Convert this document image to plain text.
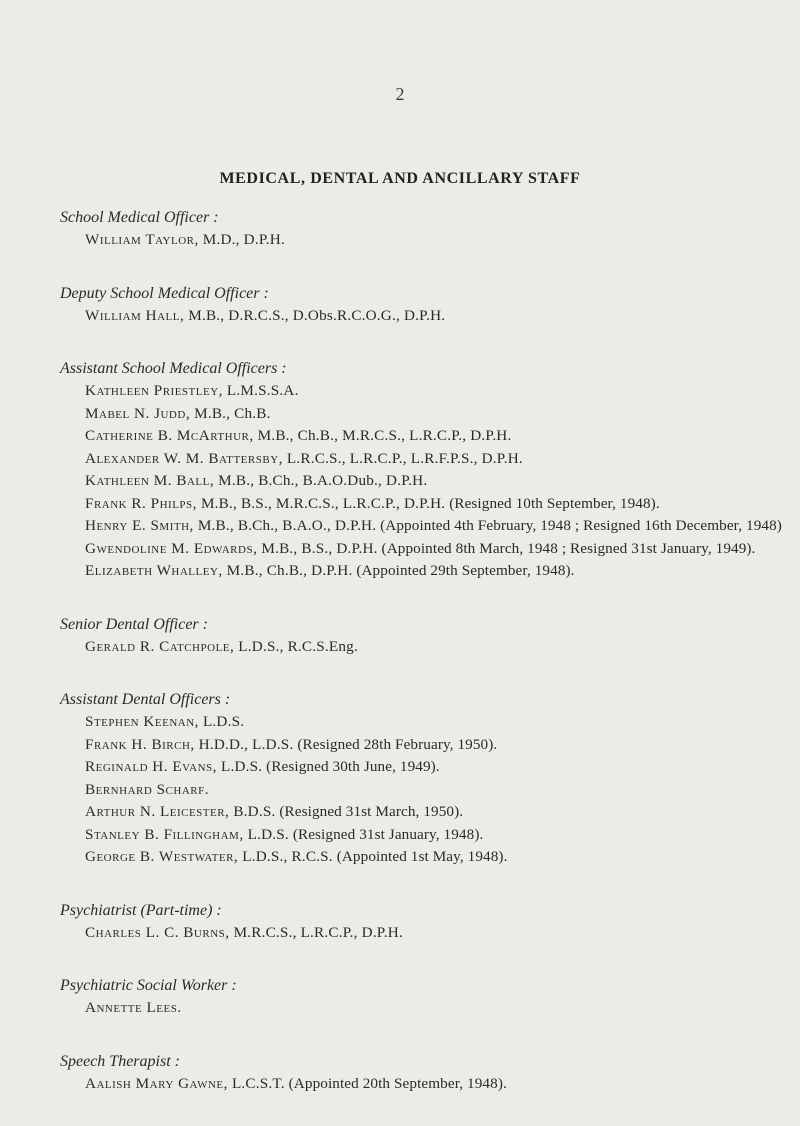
2
MEDICAL, DENTAL AND ANCILLARY STAFF
School Medical Officer :
William Taylor, M.D., D.P.H.
Deputy School Medical Officer :
William Hall, M.B., D.R.C.S., D.Obs.R.C.O.G., D.P.H.
Assistant School Medical Officers :
Kathleen Priestley, L.M.S.S.A.
Mabel N. Judd, M.B., Ch.B.
Catherine B. McArthur, M.B., Ch.B., M.R.C.S., L.R.C.P., D.P.H.
Alexander W. M. Battersby, L.R.C.S., L.R.C.P., L.R.F.P.S., D.P.H.
Kathleen M. Ball, M.B., B.Ch., B.A.O.Dub., D.P.H.
Frank R. Philps, M.B., B.S., M.R.C.S., L.R.C.P., D.P.H. (Resigned 10th September, 1948).
Henry E. Smith, M.B., B.Ch., B.A.O., D.P.H. (Appointed 4th February, 1948 ; Resigned 16th December, 1948)
Gwendoline M. Edwards, M.B., B.S., D.P.H. (Appointed 8th March, 1948 ; Resigned 31st January, 1949).
Elizabeth Whalley, M.B., Ch.B., D.P.H. (Appointed 29th September, 1948).
Senior Dental Officer :
Gerald R. Catchpole, L.D.S., R.C.S.Eng.
Assistant Dental Officers :
Stephen Keenan, L.D.S.
Frank H. Birch, H.D.D., L.D.S. (Resigned 28th February, 1950).
Reginald H. Evans, L.D.S. (Resigned 30th June, 1949).
Bernhard Scharf.
Arthur N. Leicester, B.D.S. (Resigned 31st March, 1950).
Stanley B. Fillingham, L.D.S. (Resigned 31st January, 1948).
George B. Westwater, L.D.S., R.C.S. (Appointed 1st May, 1948).
Psychiatrist (Part-time) :
Charles L. C. Burns, M.R.C.S., L.R.C.P., D.P.H.
Psychiatric Social Worker :
Annette Lees.
Speech Therapist :
Aalish Mary Gawne, L.C.S.T. (Appointed 20th September, 1948).
